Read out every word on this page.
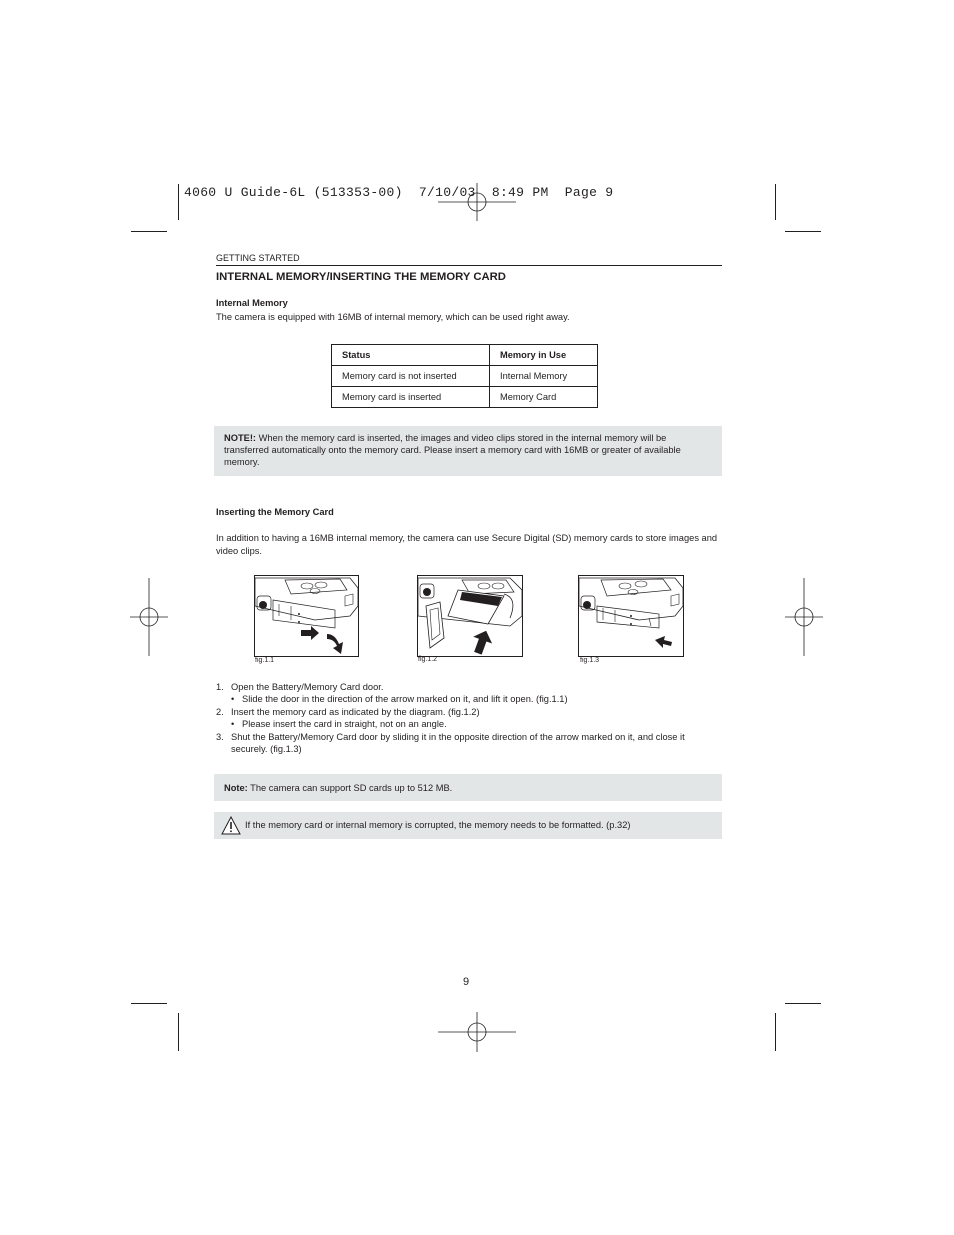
4060 U Guide-6L (513353-00)  7/10/03  8:49 PM  Page 9
GETTING STARTED
INTERNAL MEMORY/INSERTING THE MEMORY CARD
Internal Memory
The camera is equipped with 16MB of internal memory, which can be used right away.
Status	Memory in Use
Memory card is not inserted	Internal Memory
Memory card is inserted	Memory Card
NOTE!: When the memory card is inserted, the images and video clips stored in the internal memory will be transferred automatically onto the memory card. Please insert a memory card with 16MB or greater of available memory.
Inserting the Memory Card
In addition to having a 16MB internal memory, the camera can use Secure Digital (SD) memory cards to store images and video clips.
fig.1.1	fig.1.2	fig.1.3
1. Open the Battery/Memory Card door.
• Slide the door in the direction of the arrow marked on it, and lift it open. (fig.1.1)
2. Insert the memory card as indicated by the diagram. (fig.1.2)
• Please insert the card in straight, not on an angle.
3. Shut the Battery/Memory Card door by sliding it in the opposite direction of the arrow marked on it, and close it securely. (fig.1.3)
Note: The camera can support SD cards up to 512 MB.
If the memory card or internal memory is corrupted, the memory needs to be formatted. (p.32)
9
